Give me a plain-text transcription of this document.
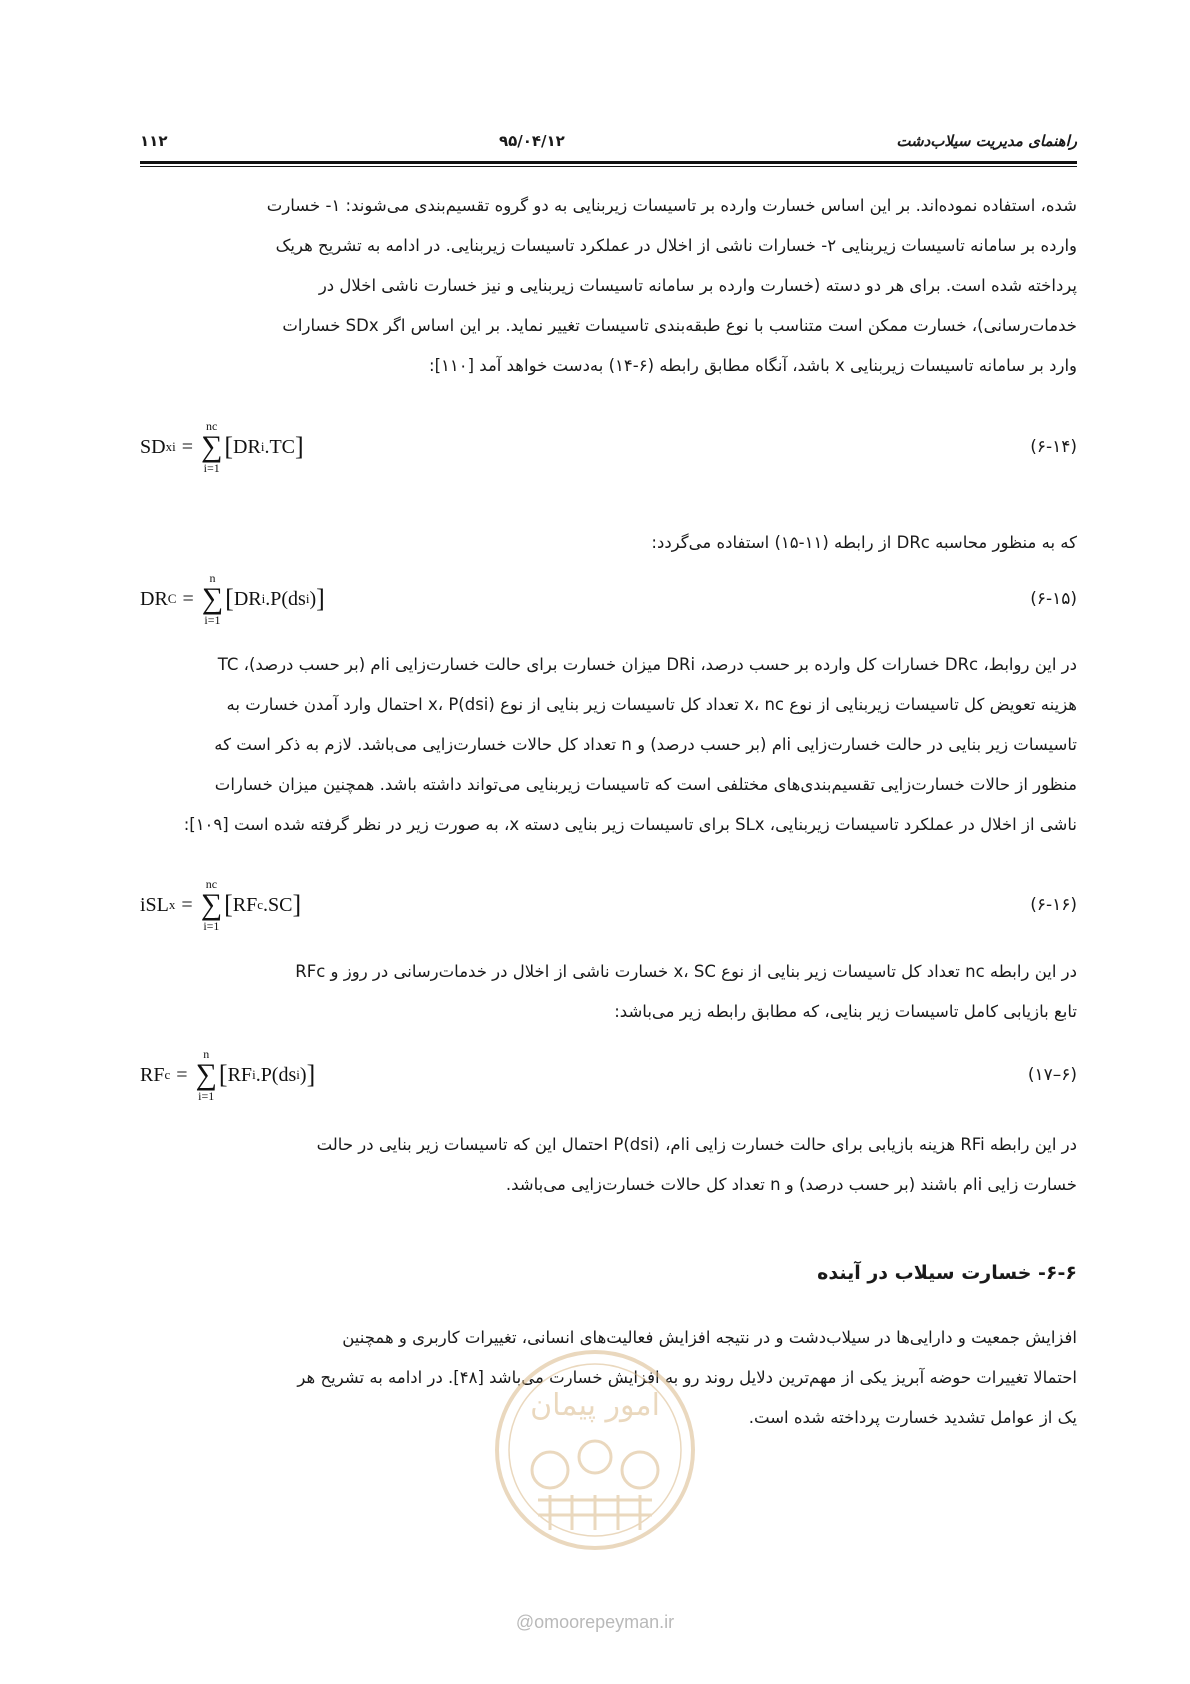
راهنمای مدیریت سیلاب‌دشت
۹۵/۰۴/۱۲
۱۱۲
شده، استفاده نموده‌اند. بر این اساس خسارت وارده بر تاسیسات زیربنایی به دو گروه تقسیم‌بندی می‌شوند: ۱- خسارت
وارده بر سامانه تاسیسات زیربنایی ۲- خسارات ناشی از اخلال در عملکرد تاسیسات زیربنایی. در ادامه به تشریح هریک
پرداخته شده است. برای هر دو دسته (خسارت وارده بر سامانه تاسیسات زیربنایی و نیز خسارت ناشی اخلال در
خدمات‌رسانی)، خسارت ممکن است متناسب با نوع طبقه‌بندی تاسیسات تغییر نماید. بر این اساس اگر SDx خسارات
وارد بر سامانه تاسیسات زیربنایی x باشد، آنگاه مطابق رابطه (۶-۱۴) به‌دست خواهد آمد [۱۱۰]:
SD xi =
nc
∑
i=1
[ DR i .TC ]	(۶-۱۴)
که به منظور محاسبه DRc از رابطه (۱۱-۱۵) استفاده می‌گردد:
DR C =
n
∑
i=1
[ DR i .P(ds i ) ]	(۶-۱۵)
در این روابط، DRc خسارات کل وارده بر حسب درصد، DRi میزان خسارت برای حالت خسارت‌زایی iام (بر حسب درصد)، TC
هزینه تعویض کل تاسیسات زیربنایی از نوع x، nc تعداد کل تاسیسات زیر بنایی از نوع x، P(dsi) احتمال وارد آمدن خسارت به
تاسیسات زیر بنایی در حالت خسارت‌زایی iام (بر حسب درصد) و n تعداد کل حالات خسارت‌زایی می‌باشد. لازم به ذکر است که
منظور از حالات خسارت‌زایی تقسیم‌بندی‌های مختلفی است که تاسیسات زیربنایی می‌تواند داشته باشد. همچنین میزان خسارات
ناشی از اخلال در عملکرد تاسیسات زیربنایی، SLx برای تاسیسات زیر بنایی دسته x، به صورت زیر در نظر گرفته شده است [۱۰۹]:
iSL x =
nc
∑
i=1
[ RF c .SC ]	(۶-۱۶)
در این رابطه nc تعداد کل تاسیسات زیر بنایی از نوع x، SC خسارت ناشی از اخلال در خدمات‌رسانی در روز و RFc
تابع بازیابی کامل تاسیسات زیر بنایی، که مطابق رابطه زیر می‌باشد:
RF c =
n
∑
i=1
[ RF i .P(ds i ) ]	(۶–۱۷)
در این رابطه RFi هزینه بازیابی برای حالت خسارت زایی iام، P(dsi) احتمال این که تاسیسات زیر بنایی در حالت
خسارت زایی iام باشند (بر حسب درصد) و n تعداد کل حالات خسارت‌زایی می‌باشد.
۶-۶- خسارت سیلاب در آینده
افزایش جمعیت و دارایی‌ها در سیلاب‌دشت و در نتیجه افزایش فعالیت‌های انسانی، تغییرات کاربری و همچنین
احتمالا تغییرات حوضه آبریز یکی از مهم‌ترین دلایل روند رو به افزایش خسارت می‌باشد [۴۸]. در ادامه به تشریح هر
یک از عوامل تشدید خسارت پرداخته شده است.
امور پیمان
@omoorepeyman.ir
